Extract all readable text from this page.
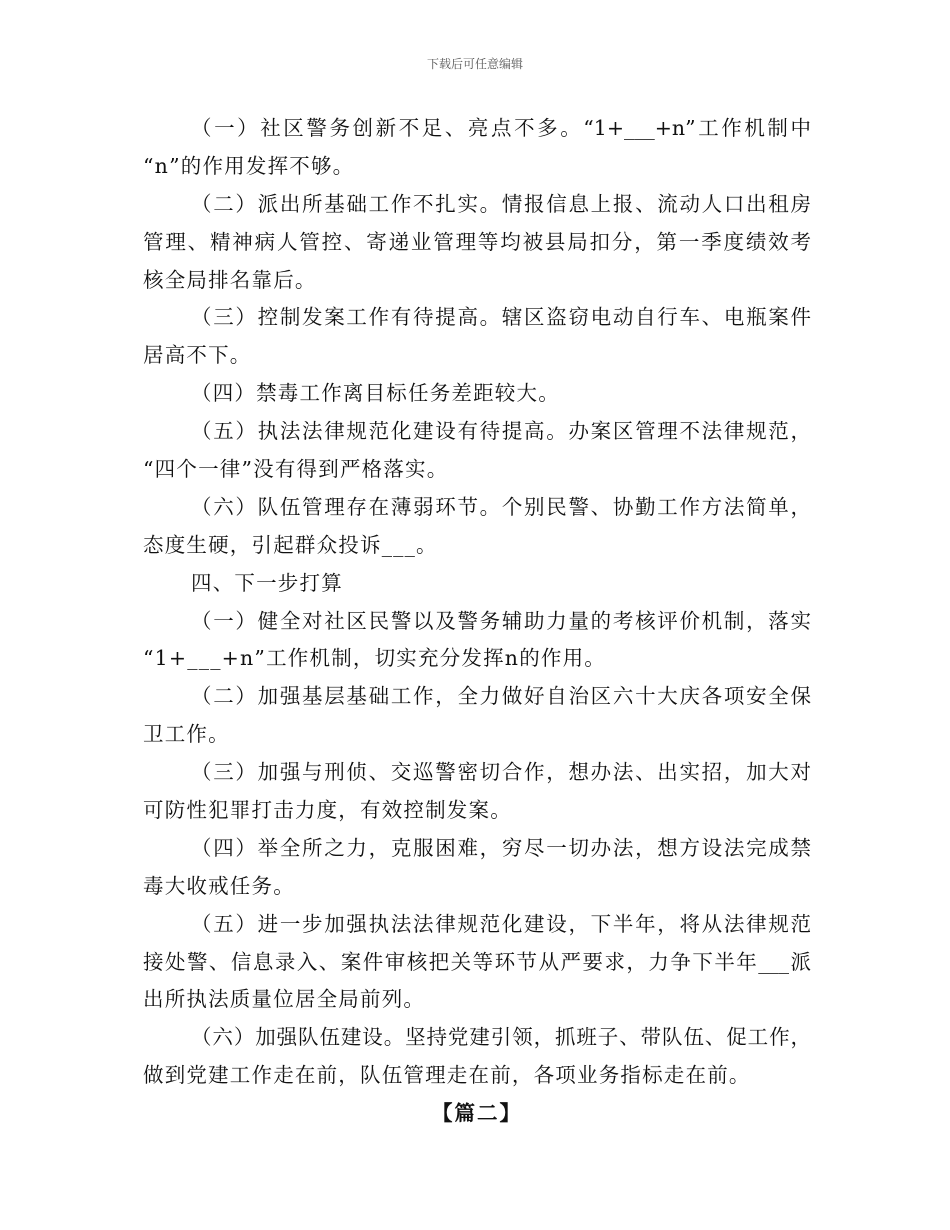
下载后可任意编辑
（一）社区警务创新不足、亮点不多。“1+___+n”工作机制中
“n”的作用发挥不够。
（二）派出所基础工作不扎实。情报信息上报、流动人口出租房
管理、精神病人管控、寄递业管理等均被县局扣分，第一季度绩效考
核全局排名靠后。
（三）控制发案工作有待提高。辖区盗窃电动自行车、电瓶案件
居高不下。
（四）禁毒工作离目标任务差距较大。
（五）执法法律规范化建设有待提高。办案区管理不法律规范，
“四个一律”没有得到严格落实。
（六）队伍管理存在薄弱环节。个别民警、协勤工作方法简单，
态度生硬，引起群众投诉___。
四、下一步打算
（一）健全对社区民警以及警务辅助力量的考核评价机制，落实
“1+___+n”工作机制，切实充分发挥n的作用。
（二）加强基层基础工作，全力做好自治区六十大庆各项安全保
卫工作。
（三）加强与刑侦、交巡警密切合作，想办法、出实招，加大对
可防性犯罪打击力度，有效控制发案。
（四）举全所之力，克服困难，穷尽一切办法，想方设法完成禁
毒大收戒任务。
（五）进一步加强执法法律规范化建设，下半年，将从法律规范
接处警、信息录入、案件审核把关等环节从严要求，力争下半年___派
出所执法质量位居全局前列。
（六）加强队伍建设。坚持党建引领，抓班子、带队伍、促工作，
做到党建工作走在前，队伍管理走在前，各项业务指标走在前。
【篇二】
